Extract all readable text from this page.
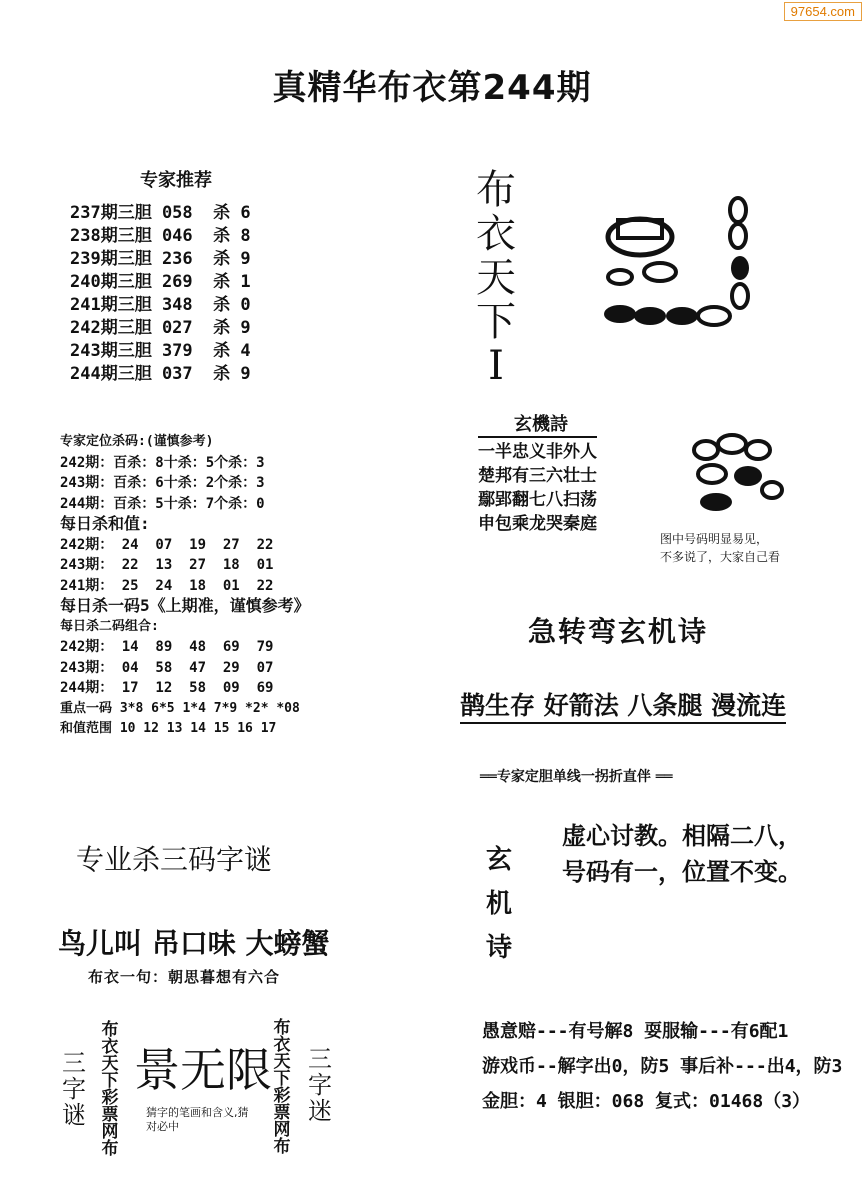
97654.com
真精华布衣第244期
专家推荐
237期三胆 058  杀 6
238期三胆 046  杀 8
239期三胆 236  杀 9
240期三胆 269  杀 1
241期三胆 348  杀 0
242期三胆 027  杀 9
243期三胆 379  杀 4
244期三胆 037  杀 9
专家定位杀码:(谨慎参考)
242期：百杀：8十杀：5个杀：3
243期：百杀：6十杀：2个杀：3
244期：百杀：5十杀：7个杀：0
每日杀和值:
242期： 24  07  19  27  22
243期： 22  13  27  18  01
241期： 25  24  18  01  22
每日杀一码5《上期准，谨慎参考》
每日杀二码组合:
242期： 14  89  48  69  79
243期： 04  58  47  29  07
244期： 17  12  58  09  69
重点一码 3*8 6*5 1*4 7*9 *2* *08
和值范围 10 12 13 14 15 16 17
布
衣
天
下
I
玄機詩
一半忠义非外人
楚邦有三六壮士
鄢郢翻七八扫荡
申包乘龙哭秦庭
图中号码明显易见，
不多说了，大家自己看
急转弯玄机诗
鹊生存 好箭法 八条腿 漫流连
══专家定胆单线一拐折直伴 ══
玄
机
诗
虚心讨教。相隔二八，
号码有一，位置不变。
愚意赔---有号解8 耍服输---有6配1
游戏币--解字出0，防5 事后补---出4，防3
金胆：4 银胆：068 复式：01468（3）
专业杀三码字谜
鸟儿叫 吊口味 大螃蟹
布衣一句：朝思暮想有六合
三
字
谜
布
衣
天
下
彩
票
网
布
景无限
猜字的笔画和含义,猜
对必中
布
衣
天
下
彩
票
网
布
三
字
迷
